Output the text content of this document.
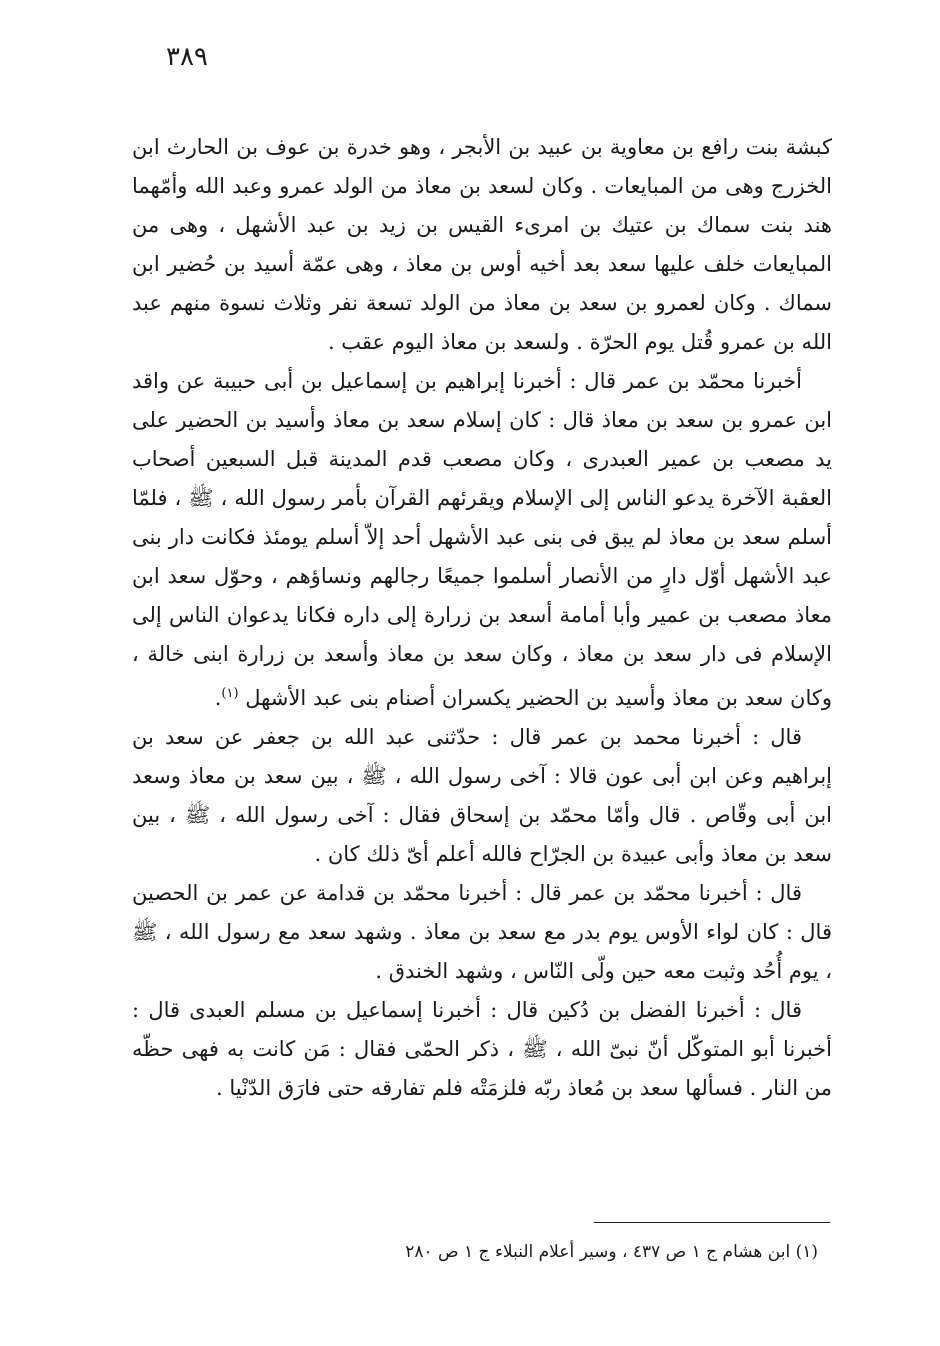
٣٨٩

كبشة بنت رافع بن معاوية بن عبيد بن الأبجر ، وهو خدرة بن عوف بن الحارث ابن الخزرج وهى من المبايعات . وكان لسعد بن معاذ من الولد عمرو وعبد الله وأمّهما هند بنت سماك بن عتيك بن امرىء القيس بن زيد بن عبد الأشهل ، وهى من المبايعات خلف عليها سعد بعد أخيه أوس بن معاذ ، وهى عمّة أسيد بن حُضير ابن سماك . وكان لعمرو بن سعد بن معاذ من الولد تسعة نفر وثلاث نسوة منهم عبد الله بن عمرو قُتل يوم الحرّة . ولسعد بن معاذ اليوم عقب .

أخبرنا محمّد بن عمر قال : أخبرنا إبراهيم بن إسماعيل بن أبى حبيبة عن واقد ابن عمرو بن سعد بن معاذ قال : كان إسلام سعد بن معاذ وأسيد بن الحضير على يد مصعب بن عمير العبدرى ، وكان مصعب قدم المدينة قبل السبعين أصحاب العقبة الآخرة يدعو الناس إلى الإسلام ويقرئهم القرآن بأمر رسول الله ، ﷺ ، فلمّا أسلم سعد بن معاذ لم يبق فى بنى عبد الأشهل أحد إلاّ أسلم يومئذ فكانت دار بنى عبد الأشهل أوّل دارٍ من الأنصار أسلموا جميعًا رجالهم ونساؤهم ، وحوّل سعد ابن معاذ مصعب بن عمير وأبا أمامة أسعد بن زرارة إلى داره فكانا يدعوان الناس إلى الإسلام فى دار سعد بن معاذ ، وكان سعد بن معاذ وأسعد بن زرارة ابنى خالة ، وكان سعد بن معاذ وأسيد بن الحضير يكسران أصنام بنى عبد الأشهل $^{(١)}$.

قال : أخبرنا محمد بن عمر قال : حدّثنى عبد الله بن جعفر عن سعد بن إبراهيم وعن ابن أبى عون قالا : آخى رسول الله ، ﷺ ، بين سعد بن معاذ وسعد ابن أبى وقّاص . قال وأمّا محمّد بن إسحاق فقال : آخى رسول الله ، ﷺ ، بين سعد بن معاذ وأبى عبيدة بن الجرّاح فالله أعلم أىّ ذلك كان .

قال : أخبرنا محمّد بن عمر قال : أخبرنا محمّد بن قدامة عن عمر بن الحصين قال : كان لواء الأوس يوم بدر مع سعد بن معاذ . وشهد سعد مع رسول الله ، ﷺ ، يوم أُحُد وثبت معه حين ولّى النّاس ، وشهد الخندق .

قال : أخبرنا الفضل بن دُكين قال : أخبرنا إسماعيل بن مسلم العبدى قال : أخبرنا أبو المتوكّل أنّ نبىّ الله ، ﷺ ، ذكر الحمّى فقال : مَن كانت به فهى حظّه من النار . فسألها سعد بن مُعاذ ربّه فلزمَتْه فلم تفارقه حتى فارَق الدّنْيا .

(١) ابن هشام ج ١ ص ٤٣٧ ، وسير أعلام النبلاء ج ١ ص ٢٨٠
